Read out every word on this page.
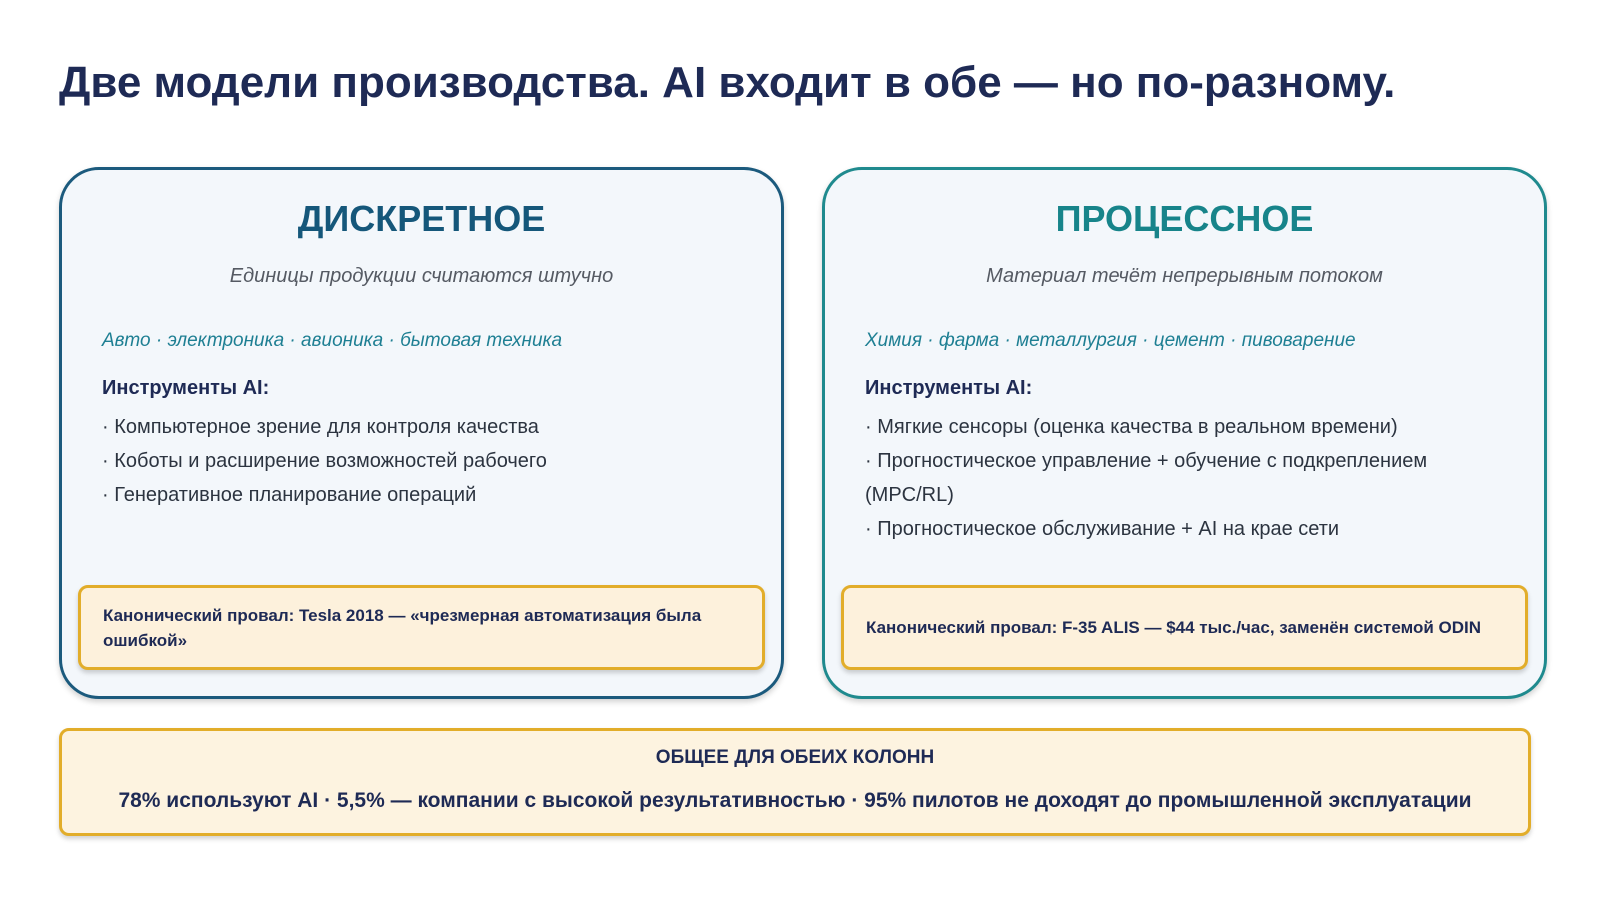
Две модели производства. AI входит в обе — но по-разному.
ДИСКРЕТНОЕ

Единицы продукции считаются штучно

Авто · электроника · авионика · бытовая техника

Инструменты AI:

· Компьютерное зрение для контроля качества
· Коботы и расширение возможностей рабочего
· Генеративное планирование операций
Канонический провал: Tesla 2018 — «чрезмерная автоматизация была ошибкой»
ПРОЦЕССНОЕ

Материал течёт непрерывным потоком

Химия · фарма · металлургия · цемент · пивоварение

Инструменты AI:

· Мягкие сенсоры (оценка качества в реальном времени)
· Прогностическое управление + обучение с подкреплением (MPC/RL)
· Прогностическое обслуживание + AI на крае сети
Канонический провал: F-35 ALIS — $44 тыс./час, заменён системой ODIN

ОБЩЕЕ ДЛЯ ОБЕИХ КОЛОНН

78% используют AI · 5,5% — компании с высокой результативностью · 95% пилотов не доходят до промышленной эксплуатации
